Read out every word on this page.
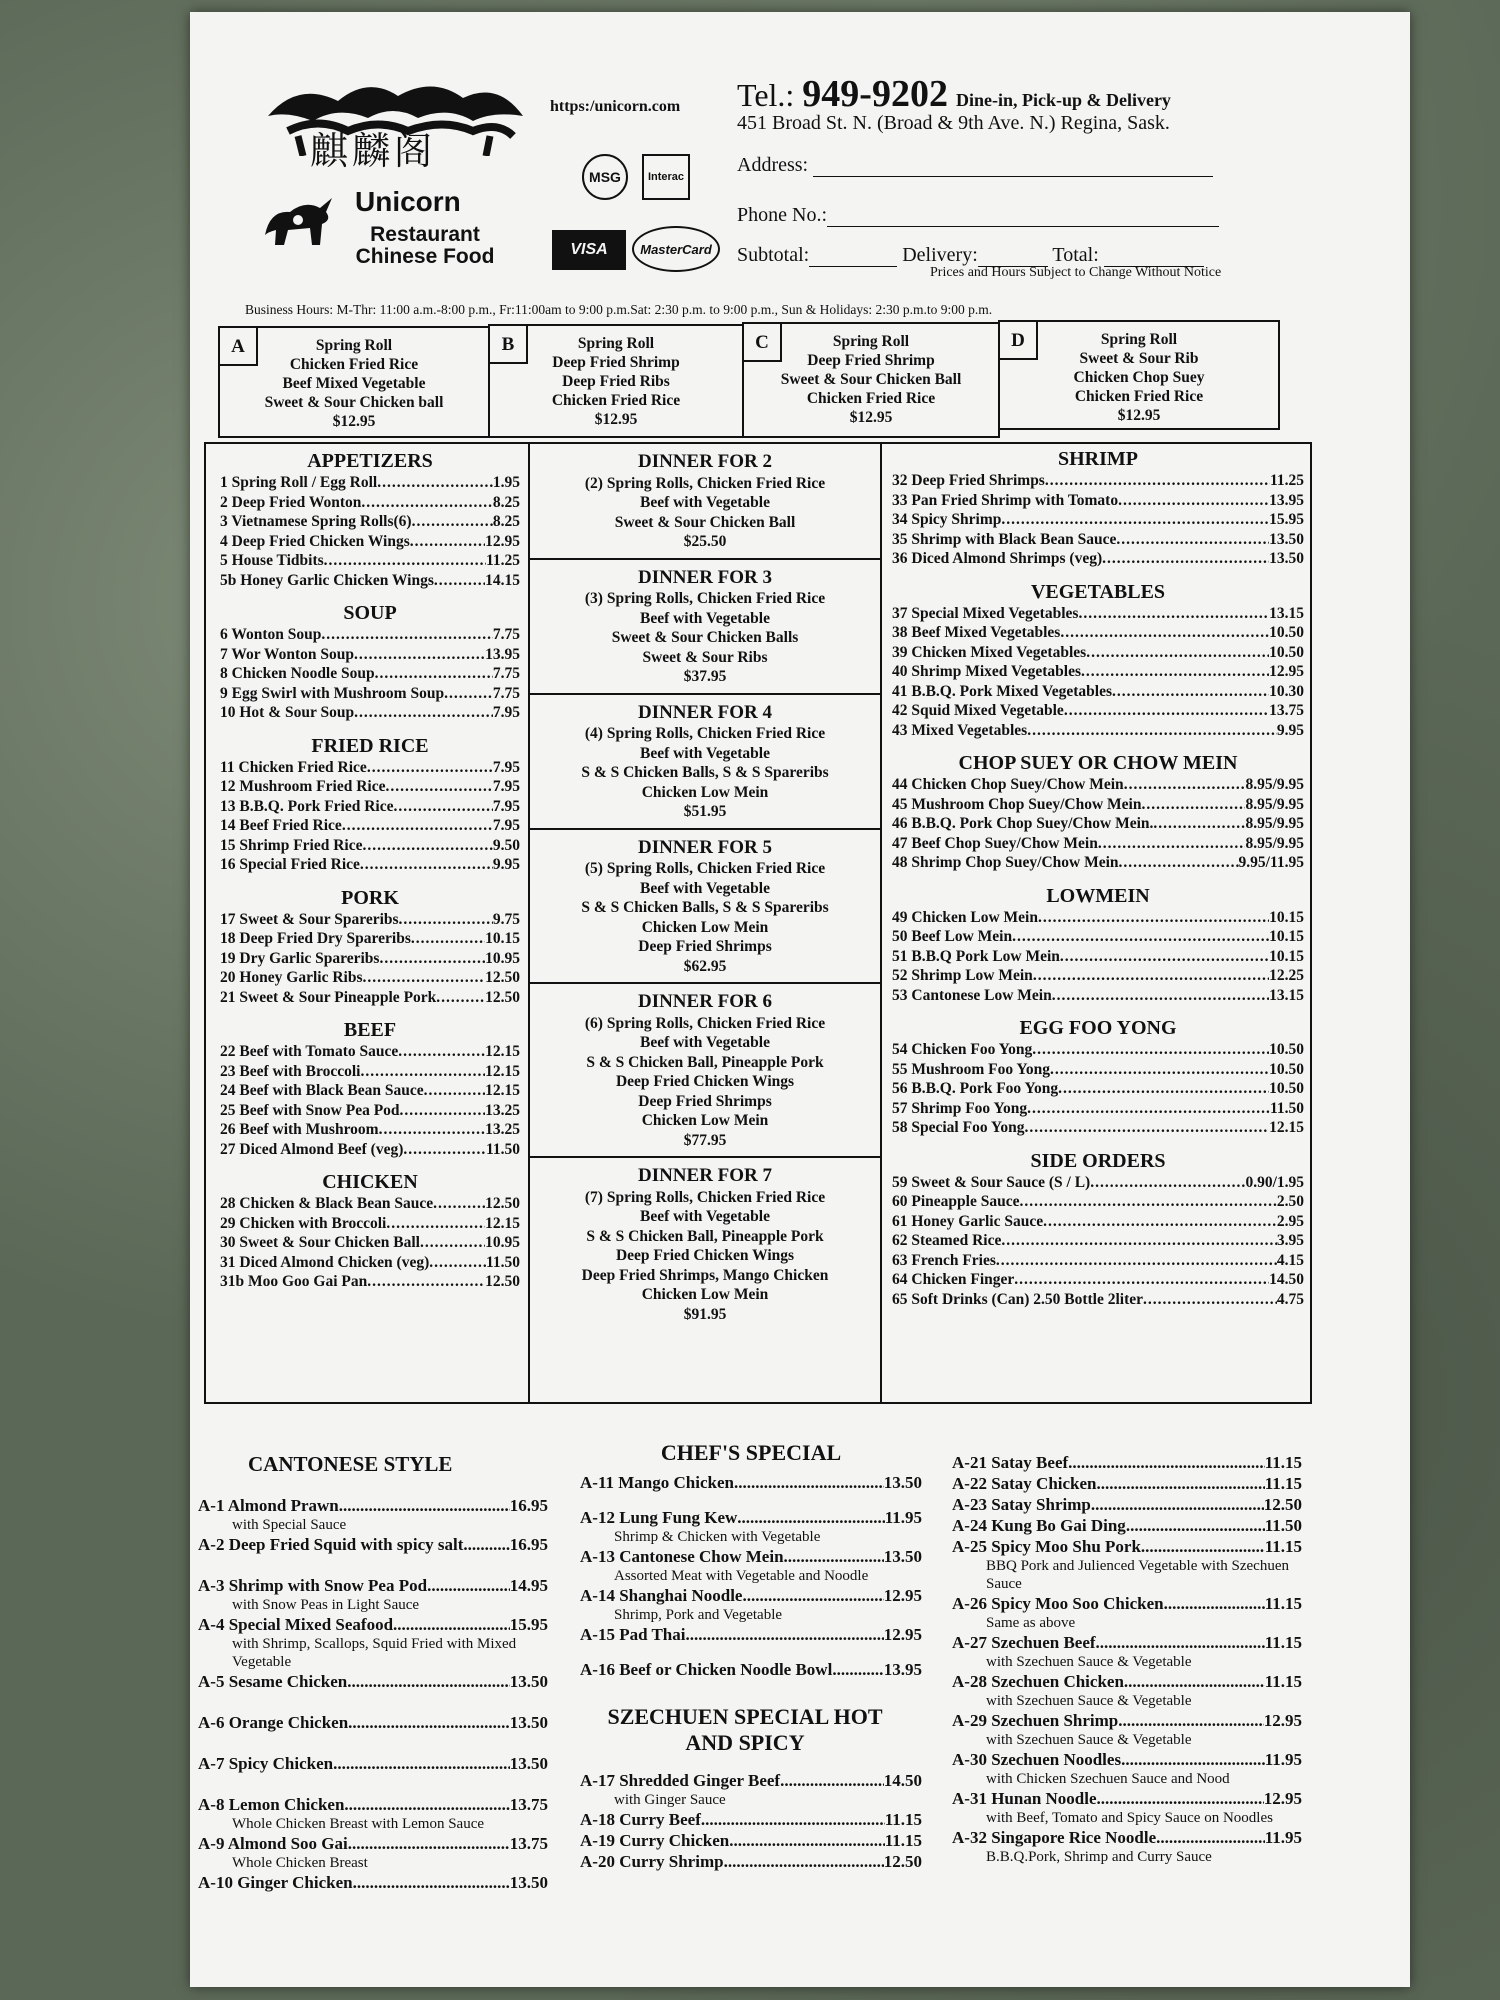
麒麟阁
Unicorn
Restaurant
Chinese Food
https:/unicorn.com
MSG	Interac
VISA	MasterCard
Tel.: 949-9202 Dine-in, Pick-up & Delivery
451 Broad St. N. (Broad & 9th Ave. N.) Regina, Sask.
Address:
Phone No.:
Subtotal:	Delivery:	Total:
Prices and Hours Subject to Change Without Notice
Business Hours: M-Thr: 11:00 a.m.-8:00 p.m., Fr:11:00am to 9:00 p.m.Sat: 2:30 p.m. to 9:00 p.m., Sun & Holidays: 2:30 p.m.to 9:00 p.m.
A	Spring Roll
Chicken Fried Rice
Beef Mixed Vegetable
Sweet & Sour Chicken ball
$12.95
B	Spring Roll
Deep Fried Shrimp
Deep Fried Ribs
Chicken Fried Rice
$12.95
C	Spring Roll
Deep Fried Shrimp
Sweet & Sour Chicken Ball
Chicken Fried Rice
$12.95
D	Spring Roll
Sweet & Sour Rib
Chicken Chop Suey
Chicken Fried Rice
$12.95
APPETIZERS
1 Spring Roll / Egg Roll .....	1.95
2 Deep Fried Wonton .....	8.25
3 Vietnamese Spring Rolls(6) .....	8.25
4 Deep Fried Chicken Wings .....	12.95
5 House Tidbits .....	11.25
5b Honey Garlic Chicken Wings .....	14.15
SOUP
6 Wonton Soup .....	7.75
7 Wor Wonton Soup .....	13.95
8 Chicken Noodle Soup .....	7.75
9 Egg Swirl with Mushroom Soup .....	7.75
10 Hot & Sour Soup .....	7.95
FRIED RICE
11 Chicken Fried Rice .....	7.95
12 Mushroom Fried Rice .....	7.95
13 B.B.Q. Pork Fried Rice .....	7.95
14 Beef Fried Rice .....	7.95
15 Shrimp Fried Rice .....	9.50
16 Special Fried Rice .....	9.95
PORK
17 Sweet & Sour Spareribs .....	9.75
18 Deep Fried Dry Spareribs .....	10.15
19 Dry Garlic Spareribs .....	10.95
20 Honey Garlic Ribs .....	12.50
21 Sweet & Sour Pineapple Pork .....	12.50
BEEF
22 Beef with Tomato Sauce .....	12.15
23 Beef with Broccoli .....	12.15
24 Beef with Black Bean Sauce .....	12.15
25 Beef with Snow Pea Pod .....	13.25
26 Beef with Mushroom .....	13.25
27 Diced Almond Beef (veg) .....	11.50
CHICKEN
28 Chicken & Black Bean Sauce .....	12.50
29 Chicken with Broccoli .....	12.15
30 Sweet & Sour Chicken Ball .....	10.95
31 Diced Almond Chicken (veg) .....	11.50
31b Moo Goo Gai Pan .....	12.50
DINNER FOR 2
(2) Spring Rolls, Chicken Fried Rice
Beef with Vegetable
Sweet & Sour Chicken Ball
$25.50
DINNER FOR 3
(3) Spring Rolls, Chicken Fried Rice
Beef with Vegetable
Sweet & Sour Chicken Balls
Sweet & Sour Ribs
$37.95
DINNER FOR 4
(4) Spring Rolls, Chicken Fried Rice
Beef with Vegetable
S & S Chicken Balls, S & S Spareribs
Chicken Low Mein
$51.95
DINNER FOR 5
(5) Spring Rolls, Chicken Fried Rice
Beef with Vegetable
S & S Chicken Balls, S & S Spareribs
Chicken Low Mein
Deep Fried Shrimps
$62.95
DINNER FOR 6
(6) Spring Rolls, Chicken Fried Rice
Beef with Vegetable
S & S Chicken Ball, Pineapple Pork
Deep Fried Chicken Wings
Deep Fried Shrimps
Chicken Low Mein
$77.95
DINNER FOR 7
(7) Spring Rolls, Chicken Fried Rice
Beef with Vegetable
S & S Chicken Ball, Pineapple Pork
Deep Fried Chicken Wings
Deep Fried Shrimps, Mango Chicken
Chicken Low Mein
$91.95
SHRIMP
32 Deep Fried Shrimps .....	11.25
33 Pan Fried Shrimp with Tomato .....	13.95
34 Spicy Shrimp .....	15.95
35 Shrimp with Black Bean Sauce .....	13.50
36 Diced Almond Shrimps (veg) .....	13.50
VEGETABLES
37 Special Mixed Vegetables .....	13.15
38 Beef Mixed Vegetables .....	10.50
39 Chicken Mixed Vegetables .....	10.50
40 Shrimp Mixed Vegetables .....	12.95
41 B.B.Q. Pork Mixed Vegetables .....	10.30
42 Squid Mixed Vegetable .....	13.75
43 Mixed Vegetables .....	9.95
CHOP SUEY OR CHOW MEIN
44 Chicken Chop Suey/Chow Mein .....	8.95/9.95
45 Mushroom Chop Suey/Chow Mein .....	8.95/9.95
46 B.B.Q. Pork Chop Suey/Chow Mein. .....	8.95/9.95
47 Beef Chop Suey/Chow Mein .....	8.95/9.95
48 Shrimp Chop Suey/Chow Mein .....	9.95/11.95
LOWMEIN
49 Chicken Low Mein .....	10.15
50 Beef Low Mein .....	10.15
51 B.B.Q Pork Low Mein .....	10.15
52 Shrimp Low Mein .....	12.25
53 Cantonese Low Mein .....	13.15
EGG FOO YONG
54 Chicken Foo Yong .....	10.50
55 Mushroom Foo Yong .....	10.50
56 B.B.Q. Pork Foo Yong .....	10.50
57 Shrimp Foo Yong .....	11.50
58 Special Foo Yong .....	12.15
SIDE ORDERS
59 Sweet & Sour Sauce (S / L) .....	0.90/1.95
60 Pineapple Sauce .....	2.50
61 Honey Garlic Sauce .....	2.95
62 Steamed Rice .....	3.95
63 French Fries .....	4.15
64 Chicken Finger .....	14.50
65 Soft Drinks (Can) 2.50 Bottle 2liter .....	4.75
CANTONESE STYLE
A-1 Almond Prawn .....	16.95
with Special Sauce
A-2 Deep Fried Squid with spicy salt. ..... 16.95
A-3 Shrimp with Snow Pea Pod .....	14.95
with Snow Peas in Light Sauce
A-4 Special Mixed Seafood .....	15.95
with Shrimp, Scallops, Squid Fried with Mixed Vegetable
A-5 Sesame Chicken .....	13.50
A-6 Orange Chicken .....	13.50
A-7 Spicy Chicken .....	13.50
A-8 Lemon Chicken .....	13.75
Whole Chicken Breast with Lemon Sauce
A-9 Almond Soo Gai .....	13.75
Whole Chicken Breast
A-10 Ginger Chicken .....	13.50
CHEF'S SPECIAL
A-11 Mango Chicken .....	13.50
A-12 Lung Fung Kew .....	11.95
Shrimp & Chicken with Vegetable
A-13 Cantonese Chow Mein .....	13.50
Assorted Meat with Vegetable and Noodle
A-14 Shanghai Noodle .....	12.95
Shrimp, Pork and Vegetable
A-15 Pad Thai .....	12.95
A-16 Beef or Chicken Noodle Bowl .....	13.95
SZECHUEN SPECIAL HOT AND SPICY
A-17 Shredded Ginger Beef .....	14.50
with Ginger Sauce
A-18 Curry Beef .....	11.15
A-19 Curry Chicken .....	11.15
A-20 Curry Shrimp .....	12.50
A-21 Satay Beef .....	11.15
A-22 Satay Chicken .....	11.15
A-23 Satay Shrimp .....	12.50
A-24 Kung Bo Gai Ding .....	11.50
A-25 Spicy Moo Shu Pork .....	11.15
BBQ Pork and Julienced Vegetable with Szechuen Sauce
A-26 Spicy Moo Soo Chicken .....	11.15
Same as above
A-27 Szechuen Beef .....	11.15
with Szechuen Sauce & Vegetable
A-28 Szechuen Chicken .....	11.15
with Szechuen Sauce & Vegetable
A-29 Szechuen Shrimp .....	12.95
with Szechuen Sauce & Vegetable
A-30 Szechuen Noodles .....	11.95
with Chicken Szechuen Sauce and Nood
A-31 Hunan Noodle .....	12.95
with Beef, Tomato and Spicy Sauce on Noodles
A-32 Singapore Rice Noodle .....	11.95
B.B.Q.Pork, Shrimp and Curry Sauce
